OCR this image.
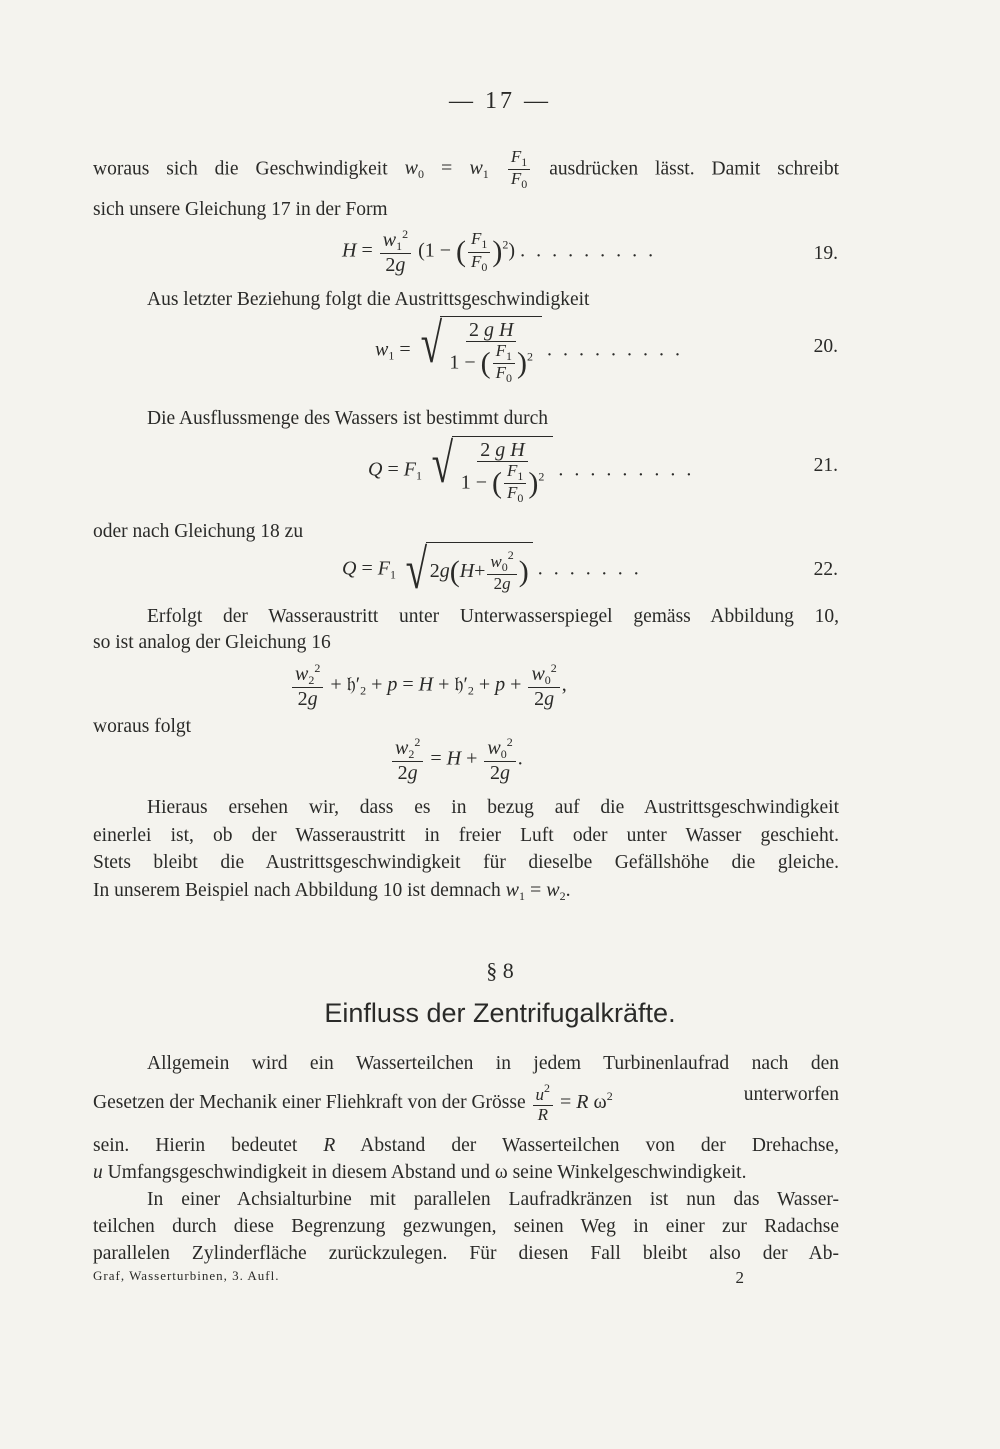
— 17 —
woraus sich die Geschwindigkeit $w_0 = w_1 \frac{F_1}{F_0}$ ausdrücken lässt. Damit schreibt
sich unsere Gleichung 17 in der Form
$H = \frac{w_1^2}{2g} (1$ − ( $\frac{F_1}{F_0} )^2$) .........	19.
Aus letzter Beziehung folgt die Austrittsgeschwindigkeit
$w_1$ = √ $\frac{\text{2 g H}}{1 - ( \frac{F_1}{F_0} )^2}$ .........	20.
Die Ausflussmenge des Wassers ist bestimmt durch
$Q = F_1$ √ $\frac{\text{2 g H}}{1 - ( \frac{F_1}{F_0} )^2}$ .........	21.
oder nach Gleichung 18 zu
$Q = F_1$ √ 2 g ( $H + \frac{w_0^2}{2g}$ ) .......	22.
Erfolgt der Wasseraustritt unter Unterwasserspiegel gemäss Abbildung 10,
so ist analog der Gleichung 16
$\frac{w_2^2}{2g}$ + $𝔥'_2 + p = H$ + $𝔥'_2 + p + \frac{w_0^2}{2g}$ ,
woraus folgt
$\frac{w_2^2}{2g} = H + \frac{w_0^2}{2g}$ .
Hieraus ersehen wir, dass es in bezug auf die Austrittsgeschwindigkeit
einerlei ist, ob der Wasseraustritt in freier Luft oder unter Wasser geschieht.
Stets bleibt die Austrittsgeschwindigkeit für dieselbe Gefällshöhe die gleiche.
In unserem Beispiel nach Abbildung 10 ist demnach $w_1 = w_2$.
§ 8
Einfluss der Zentrifugalkräfte.
Allgemein wird ein Wasserteilchen in jedem Turbinenlaufrad nach den
Gesetzen der Mechanik einer Fliehkraft von der Grösse $\frac{u^2}{R} = R$ $\omega^2$	unterworfen
sein. Hierin bedeutet R Abstand der Wasserteilchen von der Drehachse,
u Umfangsgeschwindigkeit in diesem Abstand und ω seine Winkelgeschwindigkeit.
In einer Achsialturbine mit parallelen Laufradkränzen ist nun das Wasser-
teilchen durch diese Begrenzung gezwungen, seinen Weg in einer zur Radachse
parallelen Zylinderfläche zurückzulegen. Für diesen Fall bleibt also der Ab-
Graf, Wasserturbinen, 3. Aufl.	2
